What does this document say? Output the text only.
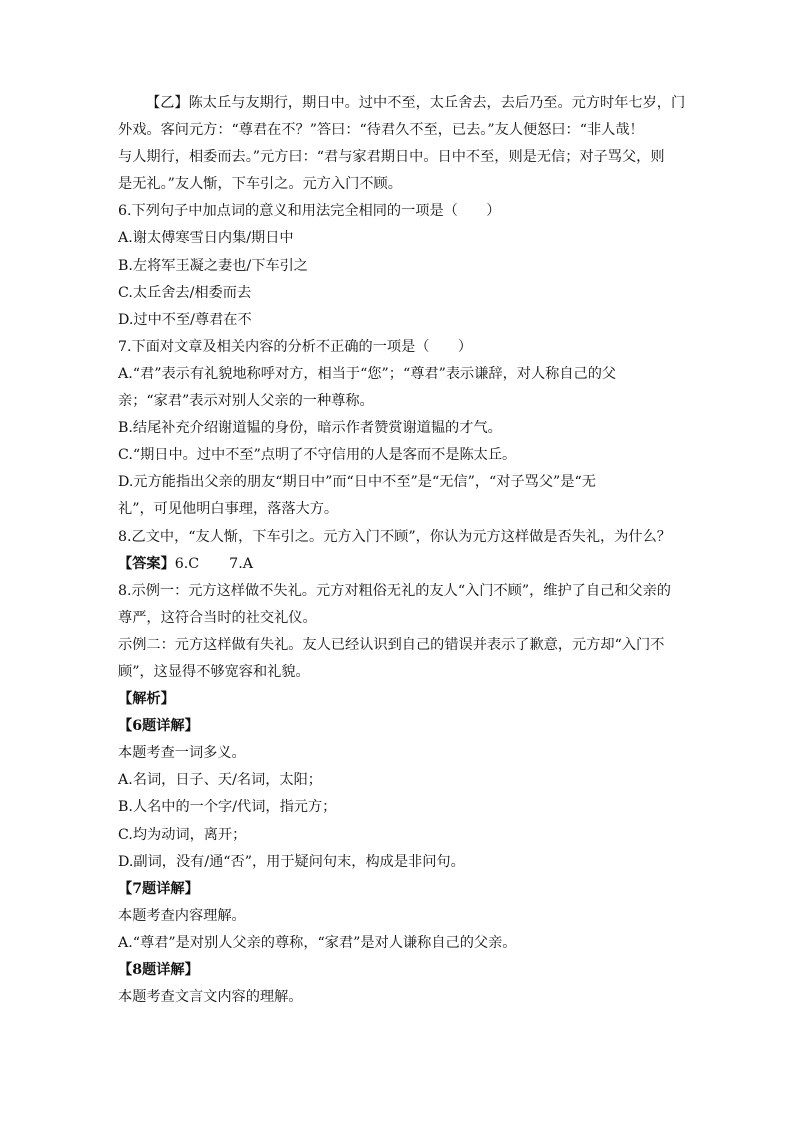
【乙】陈太丘与友期行，期日中。过中不至，太丘舍去，去后乃至。元方时年七岁，门
外戏。客问元方：“尊君在不？”答曰：“待君久不至，已去。”友人便怒曰：“非人哉！
与人期行，相委而去。”元方曰：“君与家君期日中。日中不至，则是无信；对子骂父，则
是无礼。”友人惭，下车引之。元方入门不顾。
6.下列句子中加点词的意义和用法完全相同的一项是（　　）
A.谢太傅寒雪日内集/期日中
B.左将军王凝之妻也/下车引之
C.太丘舍去/相委而去
D.过中不至/尊君在不
7.下面对文章及相关内容的分析不正确的一项是（　　）
A.“君”表示有礼貌地称呼对方，相当于“您”；“尊君”表示谦辞，对人称自己的父
亲；“家君”表示对别人父亲的一种尊称。
B.结尾补充介绍谢道韫的身份，暗示作者赞赏谢道韫的才气。
C.“期日中。过中不至”点明了不守信用的人是客而不是陈太丘。
D.元方能指出父亲的朋友“期日中”而“日中不至”是“无信”，“对子骂父”是“无
礼”，可见他明白事理，落落大方。
8.乙文中，“友人惭，下车引之。元方入门不顾”，你认为元方这样做是否失礼，为什么？
【答案】6.C 7.A
8.示例一：元方这样做不失礼。元方对粗俗无礼的友人“入门不顾”，维护了自己和父亲的
尊严，这符合当时的社交礼仪。
示例二：元方这样做有失礼。友人已经认识到自己的错误并表示了歉意，元方却“入门不
顾”，这显得不够宽容和礼貌。
【解析】
【6题详解】
本题考查一词多义。
A.名词，日子、天/名词，太阳；
B.人名中的一个字/代词，指元方；
C.均为动词，离开；
D.副词，没有/通“否”，用于疑问句末，构成是非问句。
【7题详解】
本题考查内容理解。
A.“尊君”是对别人父亲的尊称，“家君”是对人谦称自己的父亲。
【8题详解】
本题考查文言文内容的理解。
